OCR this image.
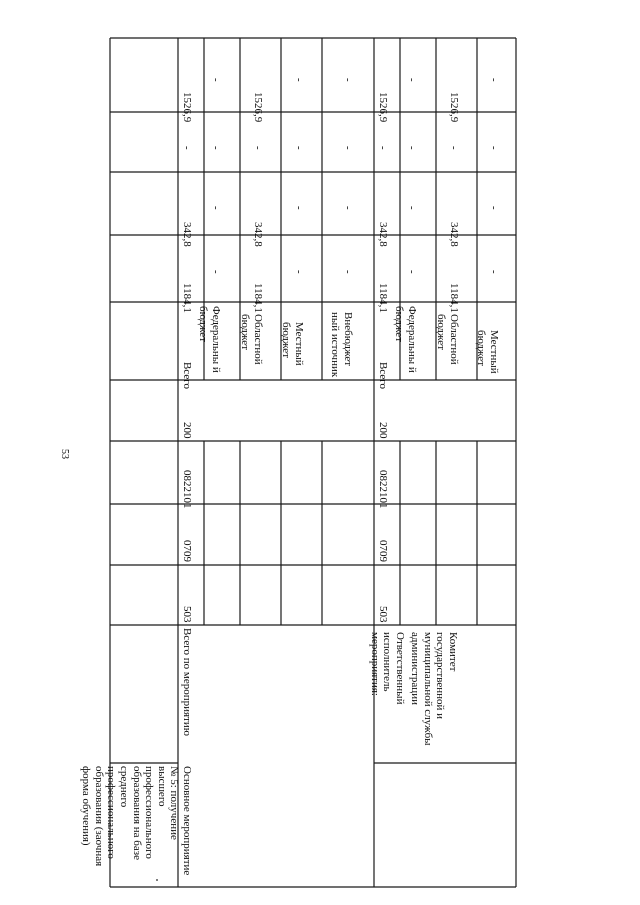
53
Основное мероприятие № 5: получение высшего профессионального образования на базе среднего профессионального образования (заочная форма обучения)
Всего по мероприятию
503
0709
0822101
200
Всего
1184,1
342,8
-
1526,9
Федеральны й бюджет
-
-
-
-
Областной бюджет
1184,1
342,8
-
1526,9
Местный бюджет
-
-
-
-
Внебюджет ный источник
-
-
-
-
Ответственный исполнитель мероприятия:	Комитет государственной и муниципальной службы администрации
503
0709
0822101
200
Всего
1184,1
342,8
-
1526,9
Федеральны й бюджет
-
-
-
-
Областной бюджет
1184,1
342,8
-
1526,9
Местный бюджет
-
-
-
-
